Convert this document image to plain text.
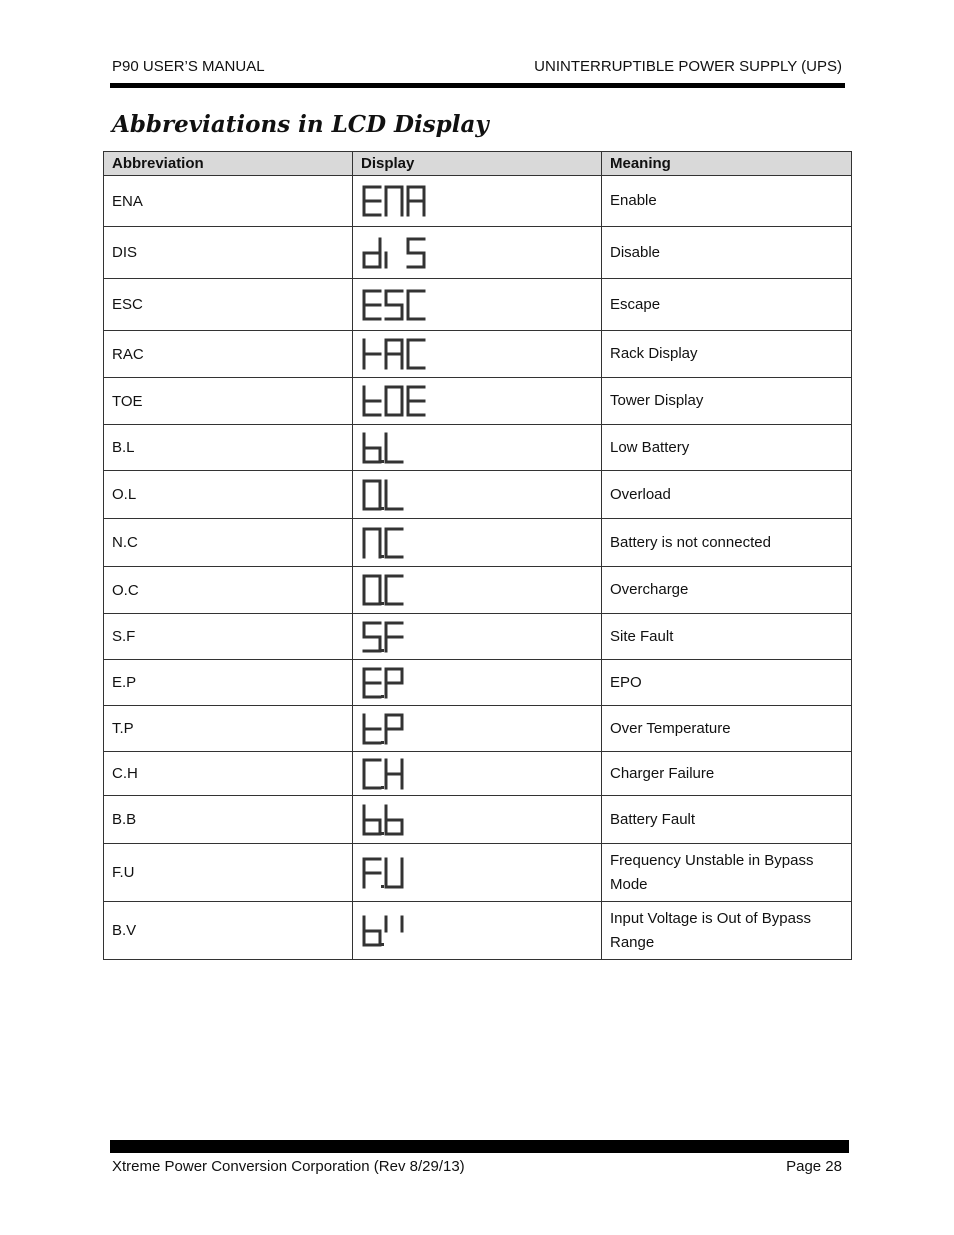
P90 USER’S MANUAL	UNINTERRUPTIBLE POWER SUPPLY (UPS)
Abbreviations in LCD Display
Abbreviation	Display	Meaning
ENA		Enable
DIS		Disable
ESC		Escape
RAC		Rack Display
TOE		Tower Display
B.L		Low Battery
O.L		Overload
N.C		Battery is not connected
O.C		Overcharge
S.F		Site Fault
E.P		EPO
T.P		Over Temperature
C.H		Charger Failure
B.B		Battery Fault
F.U		Frequency Unstable in Bypass Mode
B.V		Input Voltage is Out of Bypass Range
Xtreme Power Conversion Corporation (Rev 8/29/13)	Page 28
